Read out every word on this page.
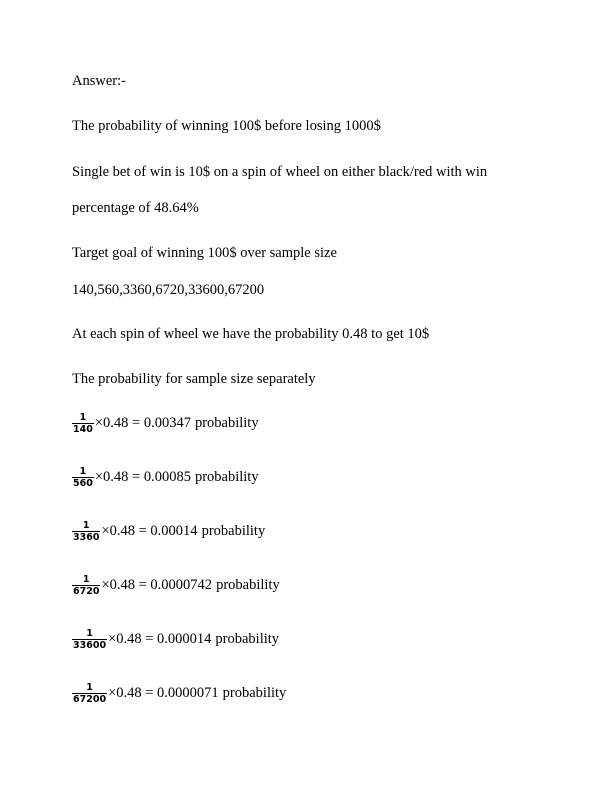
Answer:-
The probability of winning 100$ before losing 1000$
Single bet of win is 10$ on a spin of wheel on either black/red with win
percentage of 48.64%
Target goal of winning 100$ over sample size
140,560,3360,6720,33600,67200
At each spin of wheel we have the probability 0.48 to get 10$
The probability for sample size separately
$\frac{1}{140} \times 0.48 = 0.00347$ probability
$\frac{1}{560} \times 0.48 = 0.00085$ probability
$\frac{1}{3360} \times 0.48 = 0.00014$ probability
$\frac{1}{6720} \times 0.48 = 0.0000742$ probability
$\frac{1}{33600} \times 0.48 = 0.000014$ probability
$\frac{1}{67200} \times 0.48 = 0.0000071$ probability
